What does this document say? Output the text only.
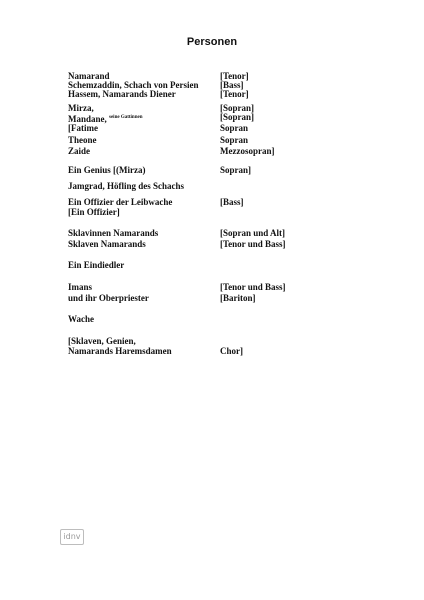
Personen
Namarand	[Tenor]
Schemzaddin, Schach von Persien [Bass]
Hassem, Namarands Diener	[Tenor]
Mirza,	[Sopran]
Mandane, $^{seine Gattinnen}$	[Sopran]
[Fatime	Sopran
Theone	Sopran
Zaide	Mezzosopran]
Ein Genius [(Mirza)	Sopran]
Jamgrad, Höfling des Schachs
Ein Offizier der Leibwache	[Bass]
[Ein Offizier]
Sklavinnen Namarands	[Sopran und Alt]
Sklaven Namarands	[Tenor und Bass]
Ein Eindiedler
Imans	[Tenor und Bass]
und ihr Oberpriester	[Bariton]
Wache
[Sklaven, Genien,
Namarands Haremsdamen	Chor]
idnv
